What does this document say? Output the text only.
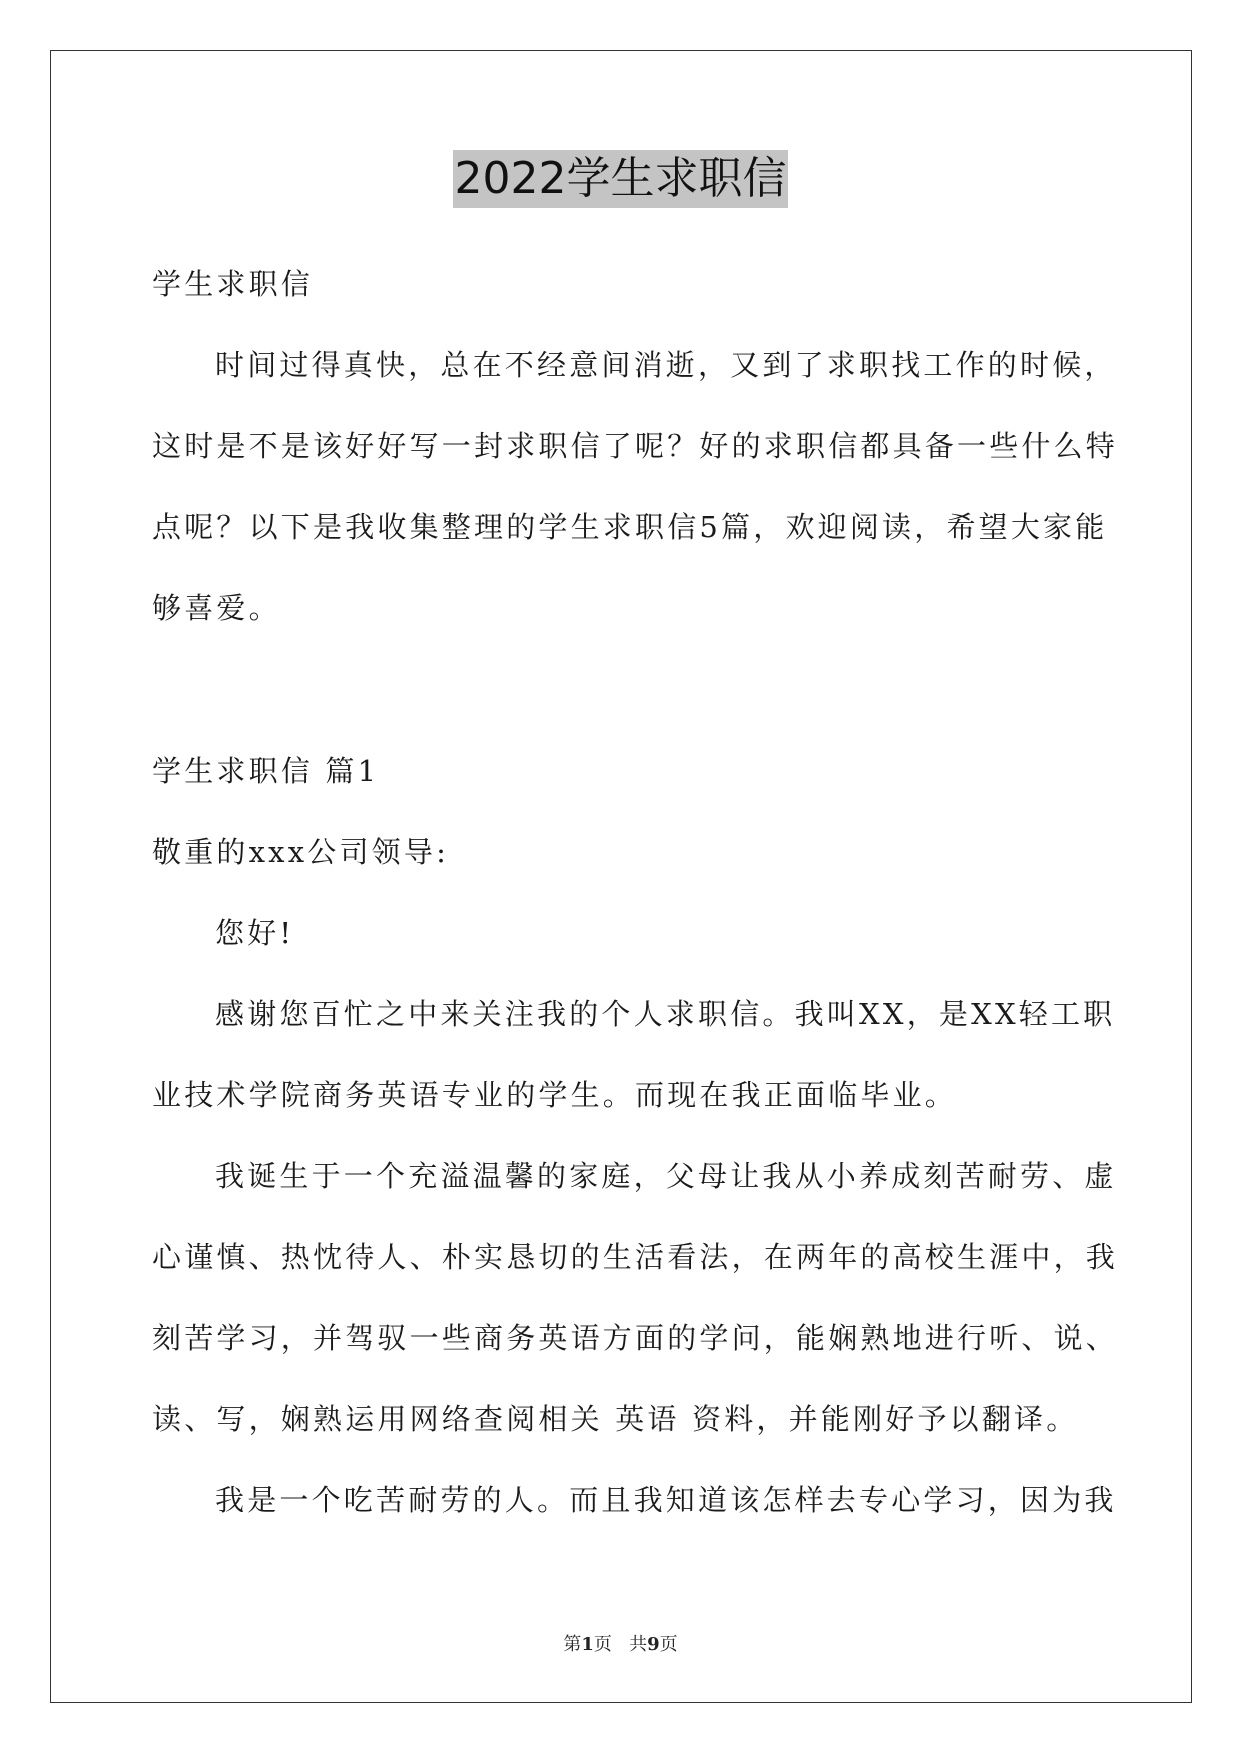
2022学生求职信
学生求职信
时间过得真快，总在不经意间消逝，又到了求职找工作的时候，
这时是不是该好好写一封求职信了呢？好的求职信都具备一些什么特
点呢？以下是我收集整理的学生求职信5篇，欢迎阅读，希望大家能
够喜爱。
学生求职信 篇1
敬重的xxx公司领导:
您好!
感谢您百忙之中来关注我的个人求职信。我叫XX，是XX轻工职
业技术学院商务英语专业的学生。而现在我正面临毕业。
我诞生于一个充溢温馨的家庭，父母让我从小养成刻苦耐劳、虚
心谨慎、热忱待人、朴实恳切的生活看法，在两年的高校生涯中，我
刻苦学习，并驾驭一些商务英语方面的学问，能娴熟地进行听、说、
读、写，娴熟运用网络查阅相关 英语 资料，并能刚好予以翻译。
我是一个吃苦耐劳的人。而且我知道该怎样去专心学习，因为我
第1页   共9页
